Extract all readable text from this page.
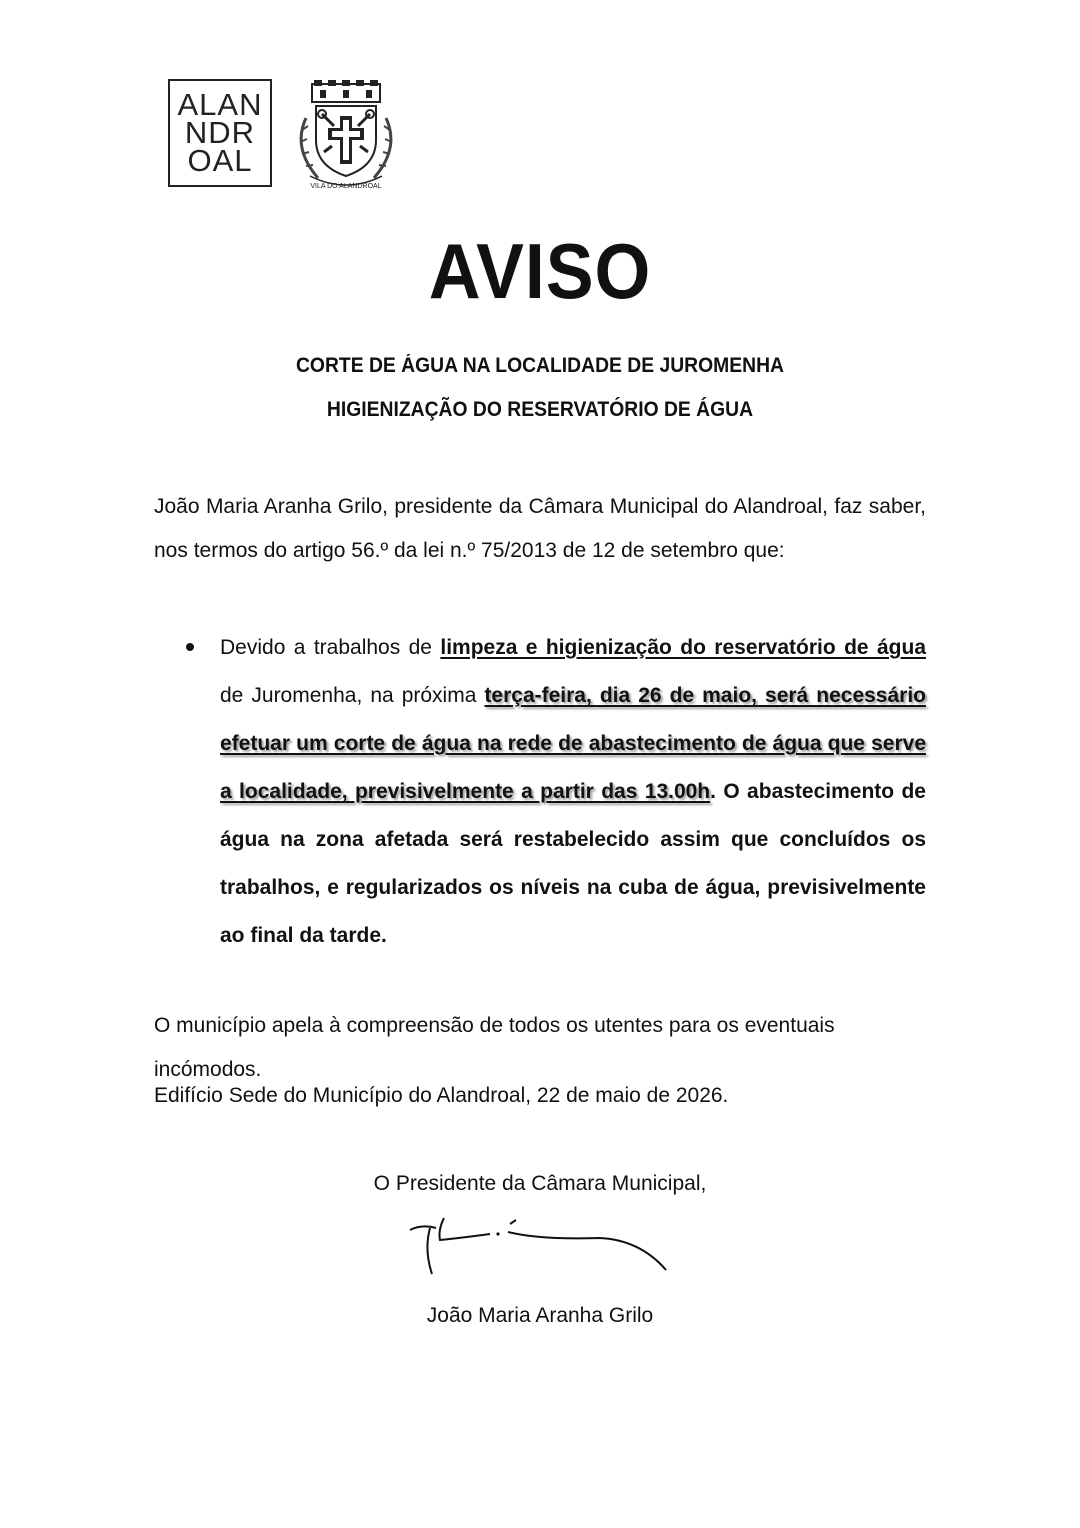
ALAN
NDR
OAL
VILA DO ALANDROAL
AVISO
CORTE DE ÁGUA NA LOCALIDADE DE JUROMENHA
HIGIENIZAÇÃO DO RESERVATÓRIO DE ÁGUA
João Maria Aranha Grilo, presidente da Câmara Municipal do Alandroal, faz saber,
nos termos do artigo 56.º da lei n.º 75/2013 de 12 de setembro que:
Devido a trabalhos de limpeza e higienização do reservatório de água de Juromenha, na próxima terça-feira, dia 26 de maio, será necessário efetuar um corte de água na rede de abastecimento de água que serve a localidade, previsivelmente a partir das 13.00h. O abastecimento de água na zona afetada será restabelecido assim que concluídos os trabalhos, e regularizados os níveis na cuba de água, previsivelmente ao final da tarde.
O município apela à compreensão de todos os utentes para os eventuais incómodos.
Edifício Sede do Município do Alandroal, 22 de maio de 2026.
O Presidente da Câmara Municipal,
João Maria Aranha Grilo
